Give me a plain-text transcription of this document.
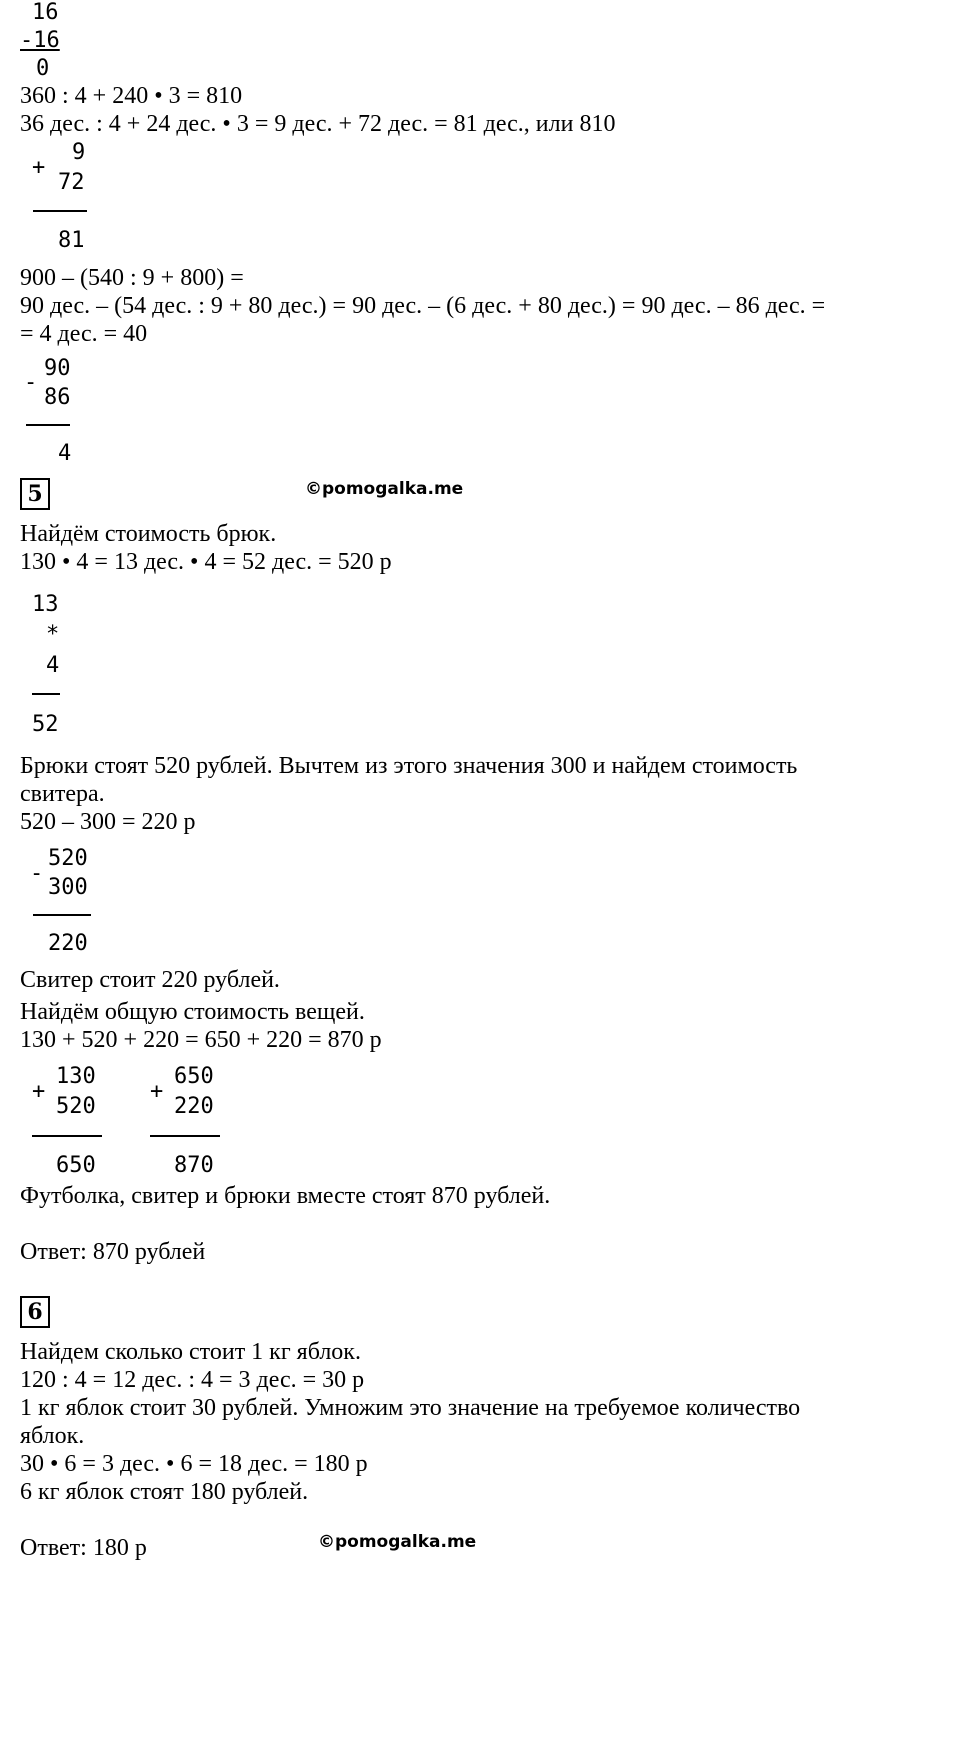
16
-16
0
360 : 4 + 240 • 3 = 810
36 дес. : 4 + 24 дес. • 3 = 9 дес. + 72 дес. = 81 дес., или 810
+
9
72
81
900 – (540 : 9 + 800) =
90 дес. – (54 дес. : 9 + 80 дес.) = 90 дес. – (6 дес. + 80 дес.) = 90 дес. – 86 дес. =
= 4 дес. = 40
-
90
86
4
5	©pomogalka.me
Найдём стоимость брюк.
130 • 4 = 13 дес. • 4 = 52 дес. = 520 р
13
*
4
52
Брюки стоят 520 рублей. Вычтем из этого значения 300 и найдем стоимость
свитера.
520 – 300 = 220 р
-
520
300
220
Свитер стоит 220 рублей.
Найдём общую стоимость вещей.
130 + 520 + 220 = 650 + 220 = 870 р
+
130
520
650
+
650
220
870
Футболка, свитер и брюки вместе стоят 870 рублей.
Ответ: 870 рублей
6
Найдем сколько стоит 1 кг яблок.
120 : 4 = 12 дес. : 4 = 3 дес. = 30 р
1 кг яблок стоит 30 рублей. Умножим это значение на требуемое количество
яблок.
30 • 6 = 3 дес. • 6 = 18 дес. = 180 р
6 кг яблок стоят 180 рублей.
Ответ: 180 р	©pomogalka.me
